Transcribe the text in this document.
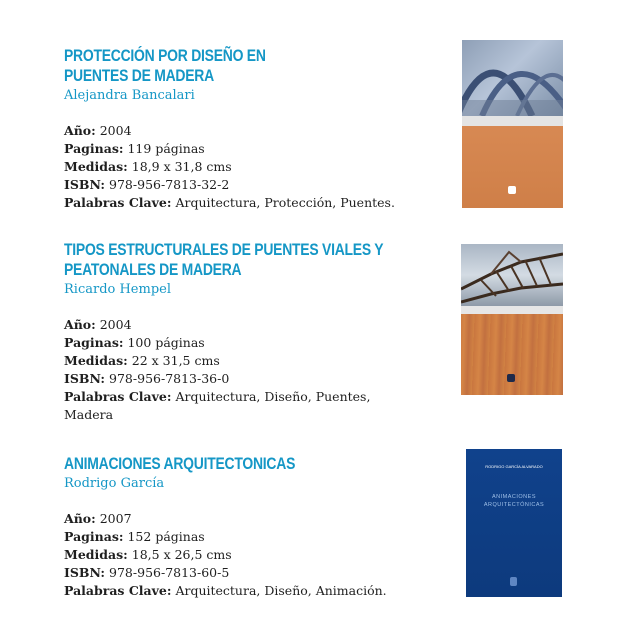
PROTECCIÓN POR DISEÑO EN
PUENTES DE MADERA
Alejandra Bancalari
Año: 2004
Paginas: 119 páginas
Medidas: 18,9 x 31,8 cms
ISBN: 978-956-7813-32-2
Palabras Clave: Arquitectura, Protección, Puentes.
TIPOS ESTRUCTURALES DE PUENTES VIALES Y
PEATONALES DE MADERA
Ricardo Hempel
Año: 2004
Paginas: 100 páginas
Medidas: 22 x 31,5 cms
ISBN: 978-956-7813-36-0
Palabras Clave: Arquitectura, Diseño, Puentes, Madera
ANIMACIONES ARQUITECTONICAS
Rodrigo García
Año: 2007
Paginas: 152 páginas
Medidas: 18,5 x 26,5 cms
ISBN: 978-956-7813-60-5
Palabras Clave: Arquitectura, Diseño, Animación.
RODRIGO GARCÍA ALVARADO
ANIMACIONES ARQUITECTÓNICAS
